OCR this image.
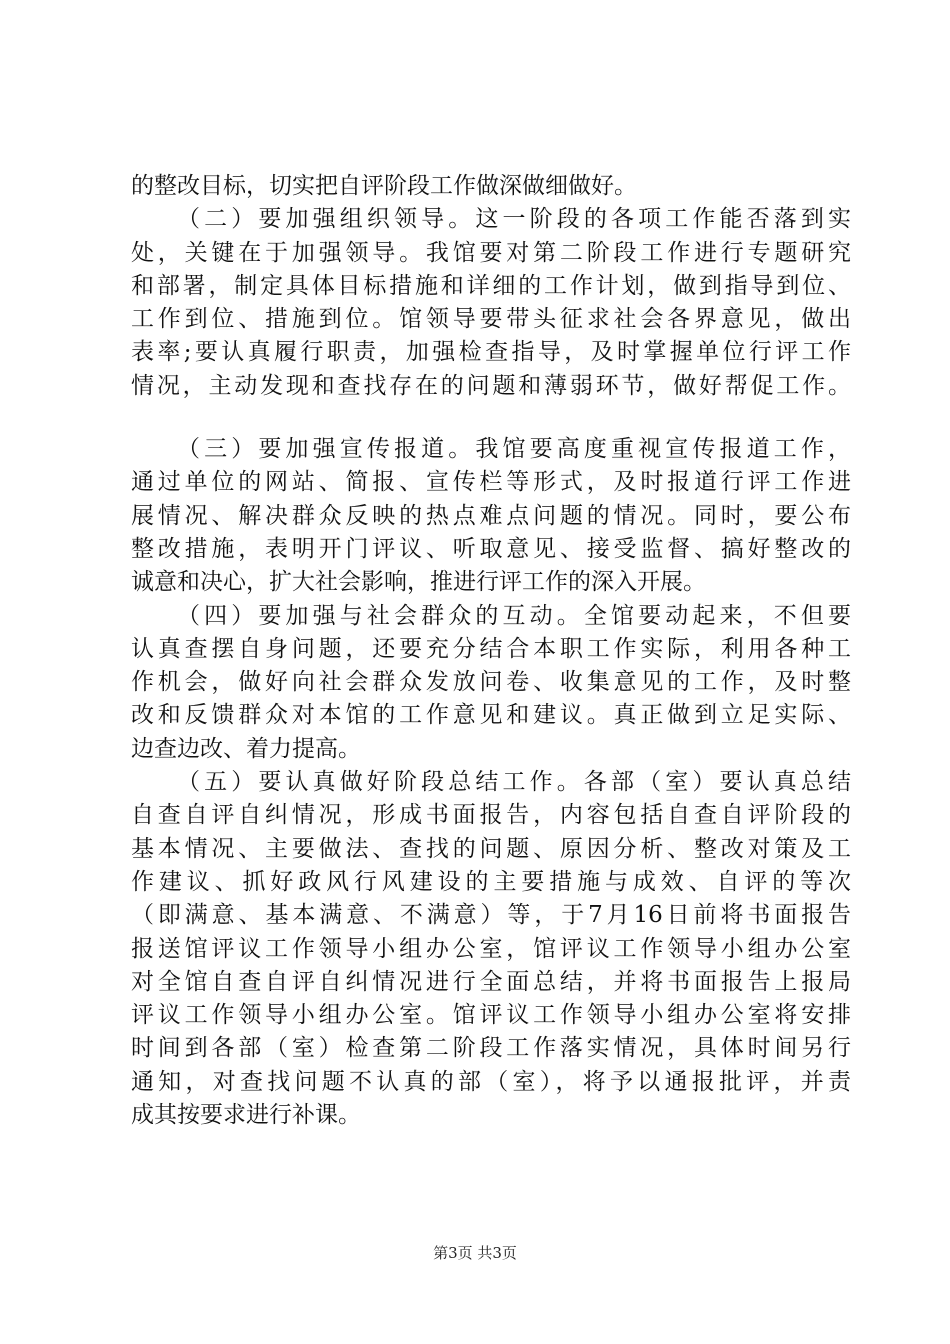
的整改目标，切实把自评阶段工作做深做细做好。
（二）要加强组织领导。这一阶段的各项工作能否落到实
处，关键在于加强领导。我馆要对第二阶段工作进行专题研究
和部署，制定具体目标措施和详细的工作计划，做到指导到位、
工作到位、措施到位。馆领导要带头征求社会各界意见，做出
表率;要认真履行职责，加强检查指导，及时掌握单位行评工作
情况，主动发现和查找存在的问题和薄弱环节，做好帮促工作。
（三）要加强宣传报道。我馆要高度重视宣传报道工作，
通过单位的网站、简报、宣传栏等形式，及时报道行评工作进
展情况、解决群众反映的热点难点问题的情况。同时，要公布
整改措施，表明开门评议、听取意见、接受监督、搞好整改的
诚意和决心，扩大社会影响，推进行评工作的深入开展。
（四）要加强与社会群众的互动。全馆要动起来，不但要
认真查摆自身问题，还要充分结合本职工作实际，利用各种工
作机会，做好向社会群众发放问卷、收集意见的工作，及时整
改和反馈群众对本馆的工作意见和建议。真正做到立足实际、
边查边改、着力提高。
（五）要认真做好阶段总结工作。各部（室）要认真总结
自查自评自纠情况，形成书面报告，内容包括自查自评阶段的
基本情况、主要做法、查找的问题、原因分析、整改对策及工
作建议、抓好政风行风建设的主要措施与成效、自评的等次
（即满意、基本满意、不满意）等，于7月16日前将书面报告
报送馆评议工作领导小组办公室，馆评议工作领导小组办公室
对全馆自查自评自纠情况进行全面总结，并将书面报告上报局
评议工作领导小组办公室。馆评议工作领导小组办公室将安排
时间到各部（室）检查第二阶段工作落实情况，具体时间另行
通知，对查找问题不认真的部（室），将予以通报批评，并责
成其按要求进行补课。
第3页 共3页
